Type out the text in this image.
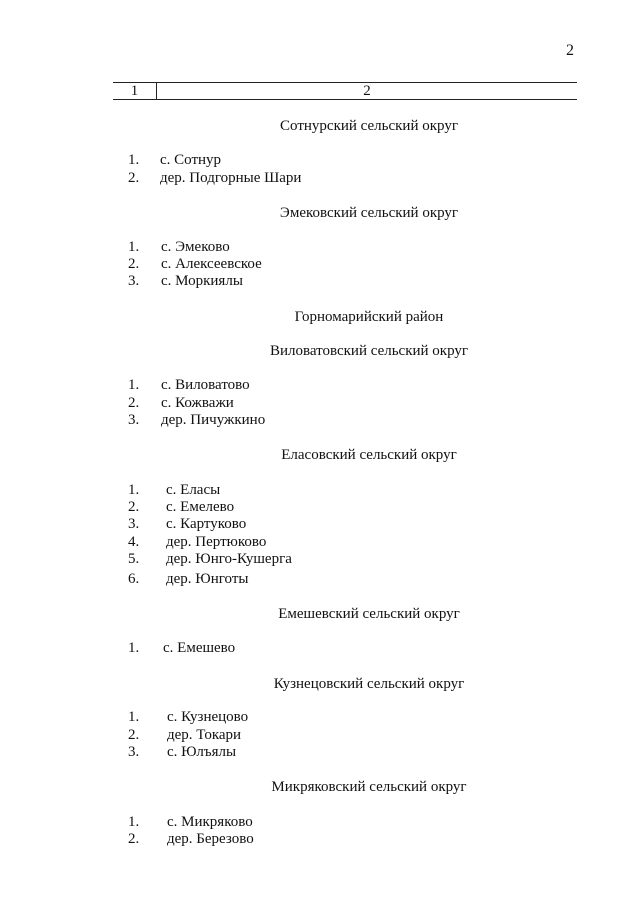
2
1	2
Сотнурский сельский округ
1.	с. Сотнур
2.	дер. Подгорные Шари
Эмековский сельский округ
1.	с. Эмеково
2.	с. Алексеевское
3.	с. Моркиялы
Горномарийский район
Виловатовский сельский округ
1.	с. Виловатово
2.	с. Кожважи
3.	дер. Пичужкино
Еласовский сельский округ
1.	с. Еласы
2.	с. Емелево
3.	с. Картуково
4.	дер. Пертюково
5.	дер. Юнго-Кушерга
6.	дер. Юнготы
Емешевский сельский округ
1.	с. Емешево
Кузнецовский сельский округ
1.	с. Кузнецово
2.	дер. Токари
3.	с. Юлъялы
Микряковский сельский округ
1.	с. Микряково
2.	дер. Березово
